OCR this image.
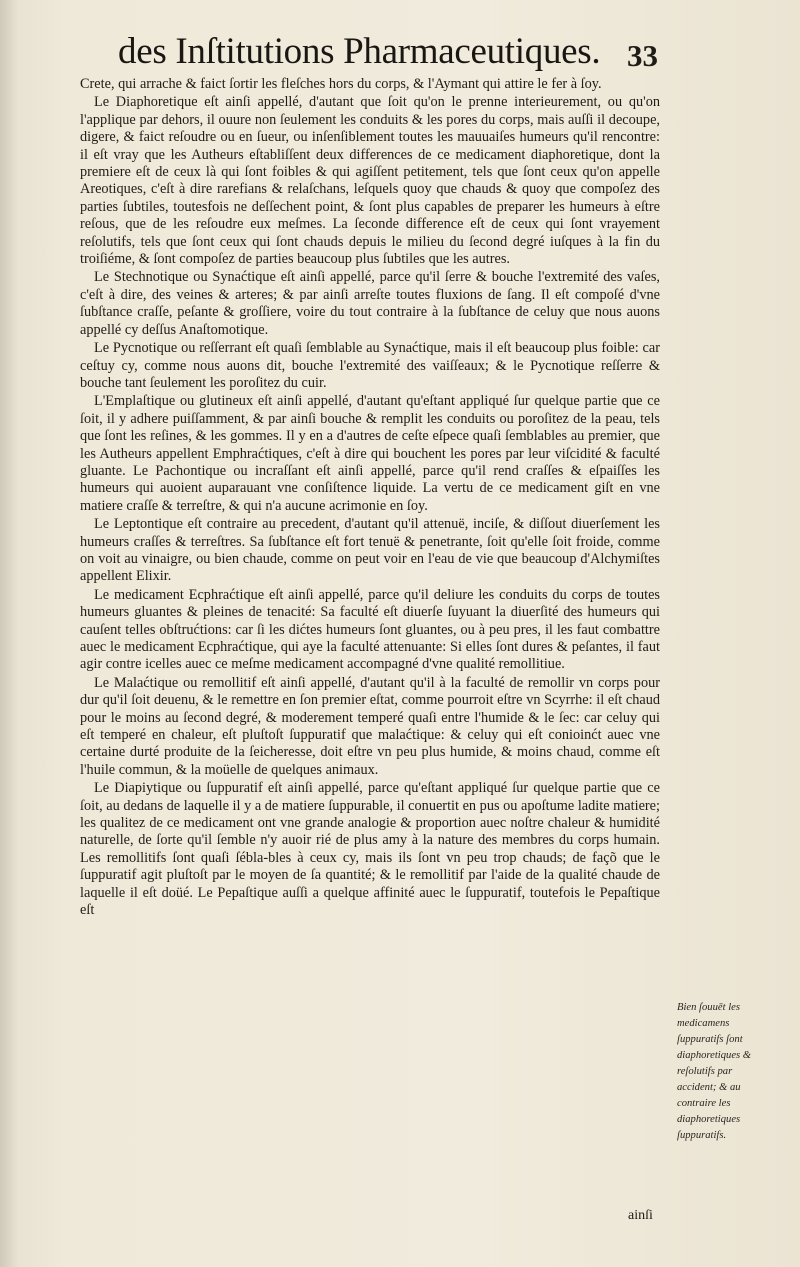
des Inſtitutions Pharmaceutiques. 33

Crete, qui arrache & faict ſortir les fleſches hors du corps, & l'Aymant qui attire le fer à ſoy.

Le Diaphoretique eſt ainſi appellé, d'autant que ſoit qu'on le prenne interieurement, ou qu'on l'applique par dehors, il ouure non ſeulement les conduits & les pores du corps, mais auſſi il decoupe, digere, & faict reſoudre ou en ſueur, ou inſenſiblement toutes les mauuaiſes humeurs qu'il rencontre: il eſt vray que les Autheurs eſtabliſſent deux differences de ce medicament diaphoretique, dont la premiere eſt de ceux là qui ſont foibles & qui agiſſent petitement, tels que ſont ceux qu'on appelle Areotiques, c'eſt à dire rarefians & relaſchans, leſquels quoy que chauds & quoy que compoſez des parties ſubtiles, toutesfois ne deſſechent point, & ſont plus capables de preparer les humeurs à eſtre reſous, que de les reſoudre eux meſmes. La ſeconde difference eſt de ceux qui ſont vrayement reſolutifs, tels que ſont ceux qui ſont chauds depuis le milieu du ſecond degré iuſques à la fin du troiſiéme, & ſont compoſez de parties beaucoup plus ſubtiles que les autres.

Le Stechnotique ou Synaćtique eſt ainſi appellé, parce qu'il ſerre & bouche l'extremité des vaſes, c'eſt à dire, des veines & arteres; & par ainſi arreſte toutes fluxions de ſang. Il eſt compoſé d'vne ſubſtance craſſe, peſante & groſſiere, voire du tout contraire à la ſubſtance de celuy que nous auons appellé cy deſſus Anaſtomotique.

Le Pycnotique ou reſſerrant eſt quaſi ſemblable au Synaćtique, mais il eſt beaucoup plus foible: car ceſtuy cy, comme nous auons dit, bouche l'extremité des vaiſſeaux; & le Pycnotique reſſerre & bouche tant ſeulement les poroſitez du cuir.

L'Emplaſtique ou glutineux eſt ainſi appellé, d'autant qu'eſtant appliqué ſur quelque partie que ce ſoit, il y adhere puiſſamment, & par ainſi bouche & remplit les conduits ou poroſitez de la peau, tels que ſont les reſines, & les gommes. Il y en a d'autres de ceſte eſpece quaſi ſemblables au premier, que les Autheurs appellent Emphraćtiques, c'eſt à dire qui bouchent les pores par leur viſcidité & faculté gluante. Le Pachontique ou incraſſant eſt ainſi appellé, parce qu'il rend craſſes & eſpaiſſes les humeurs qui auoient auparauant vne conſiſtence liquide. La vertu de ce medicament giſt en vne matiere craſſe & terreſtre, & qui n'a aucune acrimonie en ſoy.

Le Leptontique eſt contraire au precedent, d'autant qu'il attenuë, inciſe, & diſſout diuerſement les humeurs craſſes & terreſtres. Sa ſubſtance eſt fort tenuë & penetrante, ſoit qu'elle ſoit froide, comme on voit au vinaigre, ou bien chaude, comme on peut voir en l'eau de vie que beaucoup d'Alchymiſtes appellent Elixir.

Le medicament Ecphraćtique eſt ainſi appellé, parce qu'il deliure les conduits du corps de toutes humeurs gluantes & pleines de tenacité: Sa faculté eſt diuerſe ſuyuant la diuerſité des humeurs qui cauſent telles obſtrućtions: car ſi les dićtes humeurs ſont gluantes, ou à peu pres, il les faut combattre auec le medicament Ecphraćtique, qui aye la faculté attenuante: Si elles ſont dures & peſantes, il faut agir contre icelles auec ce meſme medicament accompagné d'vne qualité remollitiue.

Le Malaćtique ou remollitif eſt ainſi appellé, d'autant qu'il à la faculté de remollir vn corps pour dur qu'il ſoit deuenu, & le remettre en ſon premier eſtat, comme pourroit eſtre vn Scyrrhe: il eſt chaud pour le moins au ſecond degré, & moderement temperé quaſi entre l'humide & le ſec: car celuy qui eſt temperé en chaleur, eſt pluſtoſt ſuppuratif que malaćtique: & celuy qui eſt conioinćt auec vne certaine durté produite de la ſeicheresse, doit eſtre vn peu plus humide, & moins chaud, comme eſt l'huile commun, & la moüelle de quelques animaux.

Le Diapiytique ou ſuppuratif eſt ainſi appellé, parce qu'eſtant appliqué ſur quelque partie que ce ſoit, au dedans de laquelle il y a de matiere ſuppurable, il conuertit en pus ou apoſtume ladite matiere; les qualitez de ce medicament ont vne grande analogie & proportion auec noſtre chaleur & humidité naturelle, de ſorte qu'il ſemble n'y auoir rié de plus amy à la nature des membres du corps humain. Les remollitifs ſont quaſi ſébla-bles à ceux cy, mais ils ſont vn peu trop chauds; de façõ que le ſuppuratif agit pluſtoſt par le moyen de ſa quantité; & le remollitif par l'aide de la qualité chaude de laquelle il eſt doüé. Le Pepaſtique auſſi a quelque affinité auec le ſuppuratif, toutefois le Pepaſtique eſt

Bien ſouuēt les medicamens ſuppuratifs ſont diaphoretiques & reſolutifs par accident; & au contraire les diaphoretiques ſuppuratifs.
ainſi
